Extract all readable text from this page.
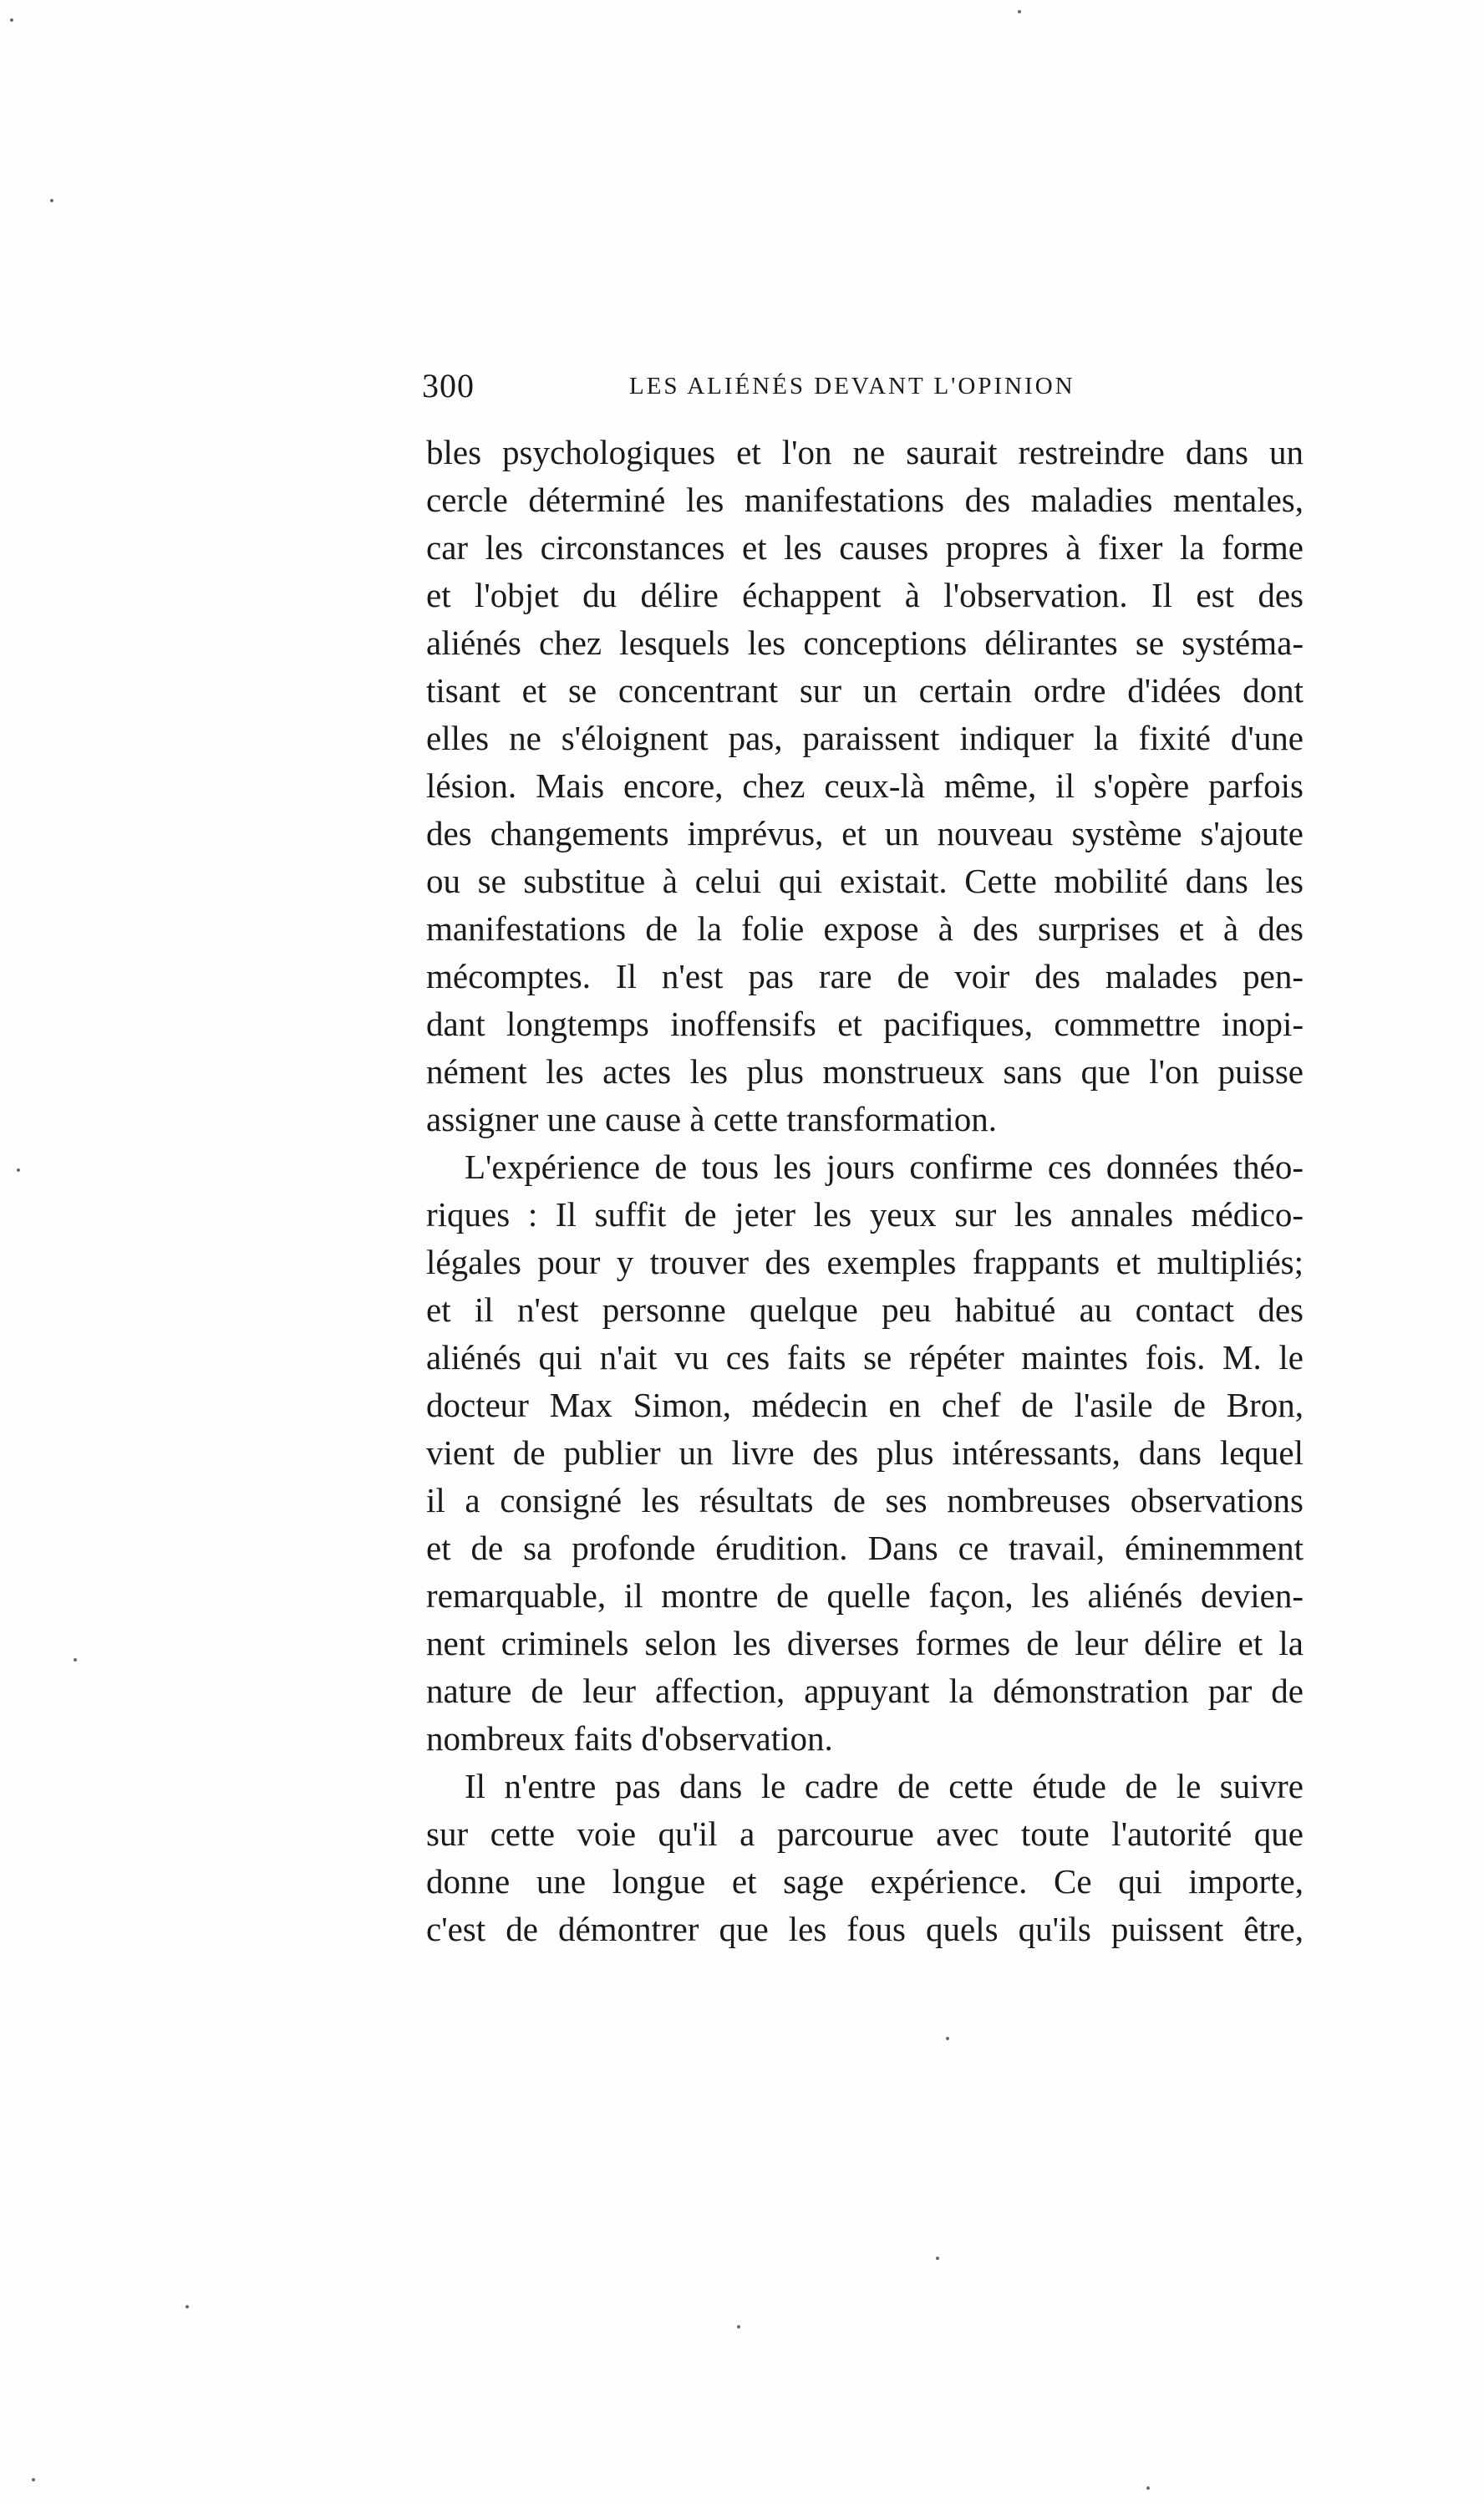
300	LES ALIÉNÉS DEVANT L'OPINION

bles psychologiques et l'on ne saurait restreindre dans un
cercle déterminé les manifestations des maladies mentales,
car les circonstances et les causes propres à fixer la forme
et l'objet du délire échappent à l'observation. Il est des
aliénés chez lesquels les conceptions délirantes se systéma-
tisant et se concentrant sur un certain ordre d'idées dont
elles ne s'éloignent pas, paraissent indiquer la fixité d'une
lésion. Mais encore, chez ceux-là même, il s'opère parfois
des changements imprévus, et un nouveau système s'ajoute
ou se substitue à celui qui existait. Cette mobilité dans les
manifestations de la folie expose à des surprises et à des
mécomptes. Il n'est pas rare de voir des malades pen-
dant longtemps inoffensifs et pacifiques, commettre inopi-
nément les actes les plus monstrueux sans que l'on puisse
assigner une cause à cette transformation.

L'expérience de tous les jours confirme ces données théo-
riques : Il suffit de jeter les yeux sur les annales médico-
légales pour y trouver des exemples frappants et multipliés;
et il n'est personne quelque peu habitué au contact des
aliénés qui n'ait vu ces faits se répéter maintes fois. M. le
docteur Max Simon, médecin en chef de l'asile de Bron,
vient de publier un livre des plus intéressants, dans lequel
il a consigné les résultats de ses nombreuses observations
et de sa profonde érudition. Dans ce travail, éminemment
remarquable, il montre de quelle façon, les aliénés devien-
nent criminels selon les diverses formes de leur délire et la
nature de leur affection, appuyant la démonstration par de
nombreux faits d'observation.

Il n'entre pas dans le cadre de cette étude de le suivre
sur cette voie qu'il a parcourue avec toute l'autorité que
donne une longue et sage expérience. Ce qui importe,
c'est de démontrer que les fous quels qu'ils puissent être,
